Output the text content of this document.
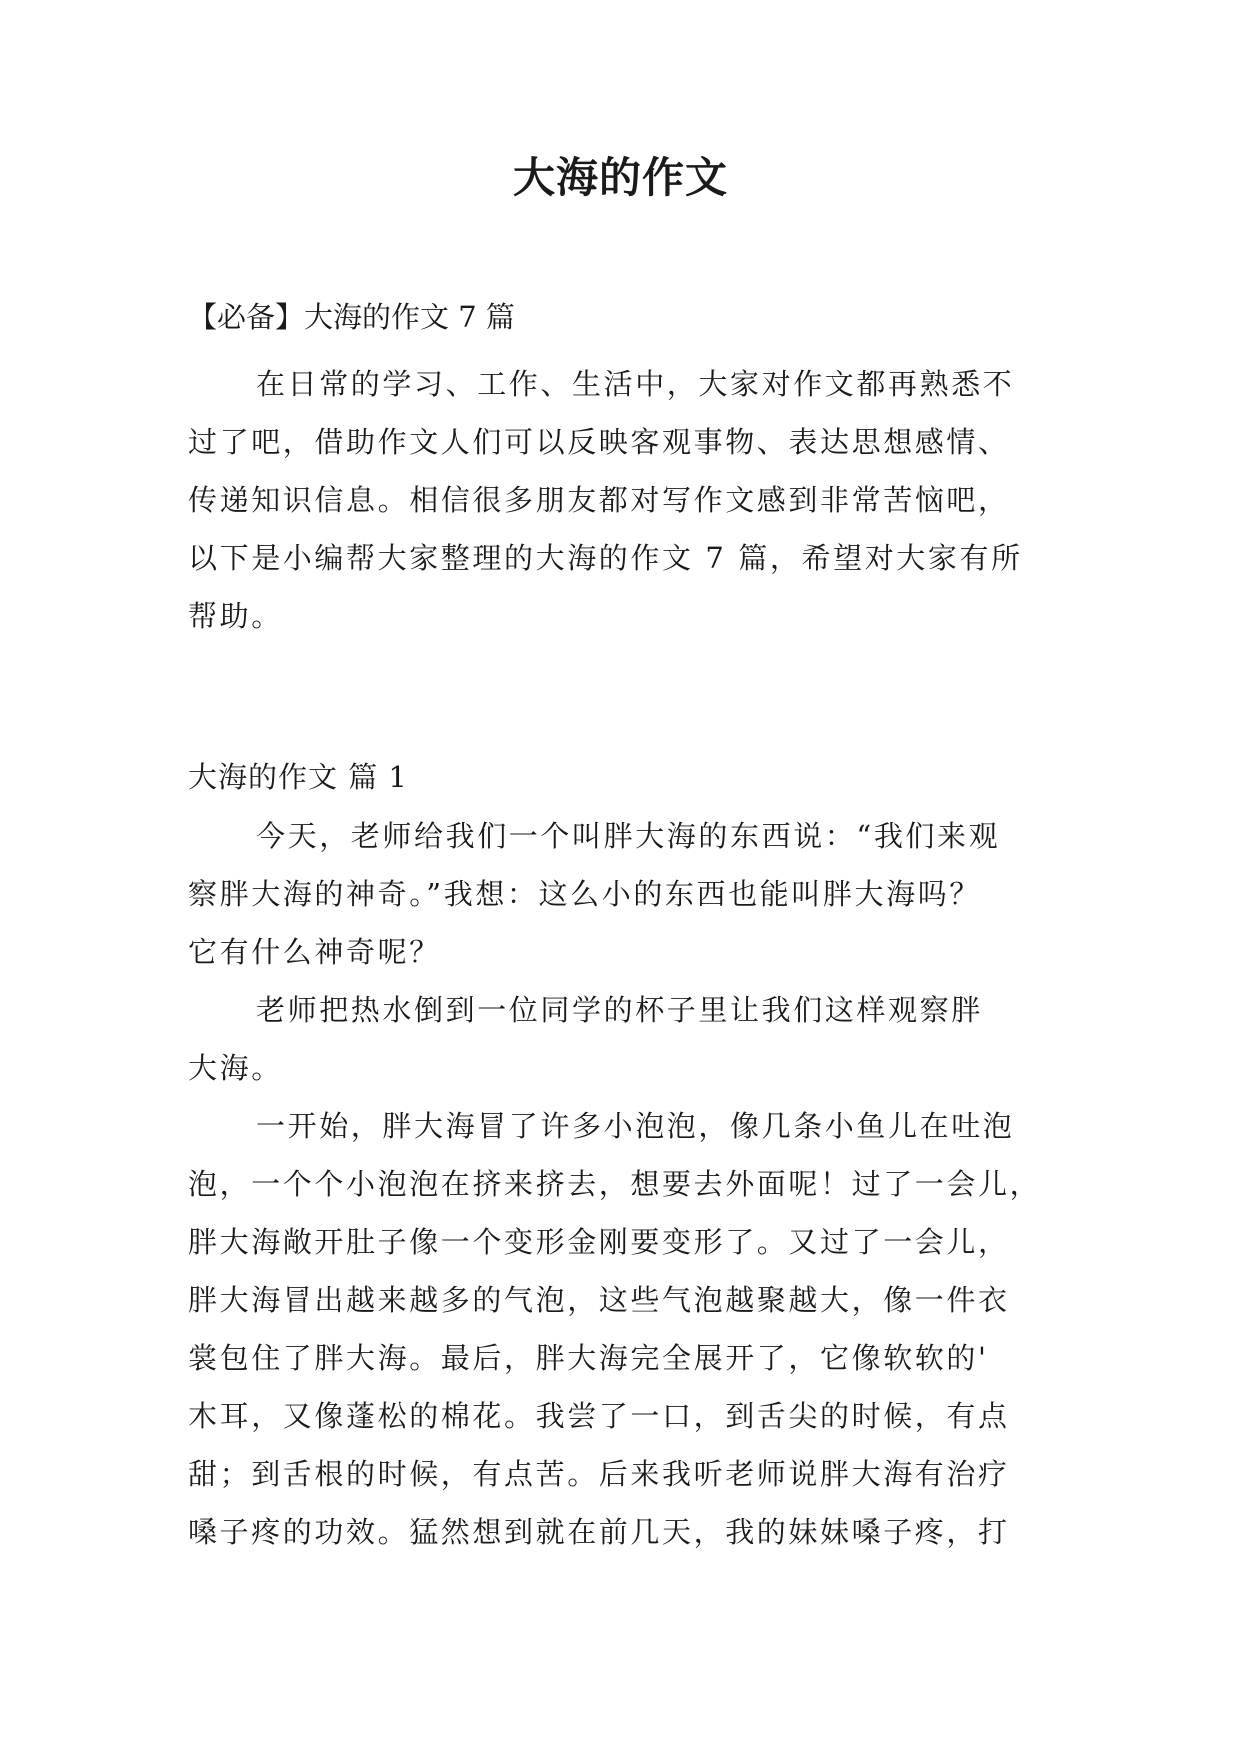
大海的作文
【必备】大海的作文 7 篇
在日常的学习、工作、生活中，大家对作文都再熟悉不
过了吧，借助作文人们可以反映客观事物、表达思想感情、
传递知识信息。相信很多朋友都对写作文感到非常苦恼吧，
以下是小编帮大家整理的大海的作文 7 篇，希望对大家有所
帮助。
大海的作文 篇 1
今天，老师给我们一个叫胖大海的东西说：“我们来观
察胖大海的神奇。”我想：这么小的东西也能叫胖大海吗？
它有什么神奇呢？
老师把热水倒到一位同学的杯子里让我们这样观察胖
大海。
一开始，胖大海冒了许多小泡泡，像几条小鱼儿在吐泡
泡，一个个小泡泡在挤来挤去，想要去外面呢！过了一会儿，
胖大海敞开肚子像一个变形金刚要变形了。又过了一会儿，
胖大海冒出越来越多的气泡，这些气泡越聚越大，像一件衣
裳包住了胖大海。最后，胖大海完全展开了，它像软软的'
木耳，又像蓬松的棉花。我尝了一口，到舌尖的时候，有点
甜；到舌根的时候，有点苦。后来我听老师说胖大海有治疗
嗓子疼的功效。猛然想到就在前几天，我的妹妹嗓子疼，打
